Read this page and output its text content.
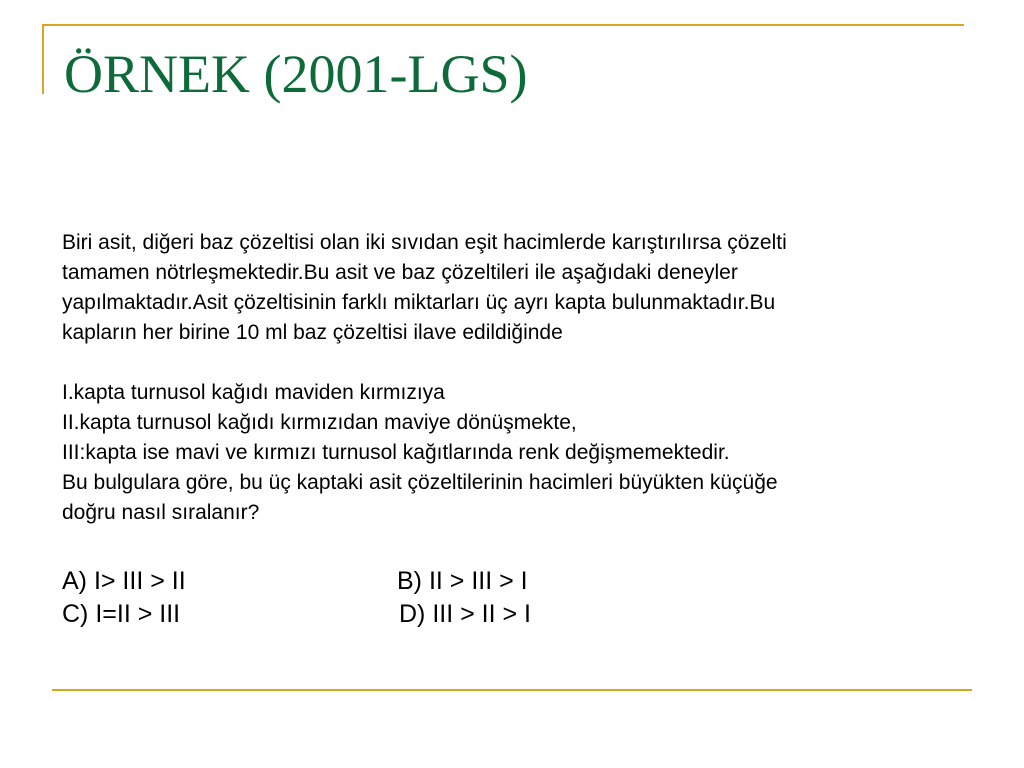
ÖRNEK (2001-LGS)

Biri asit, diğeri baz çözeltisi olan iki sıvıdan eşit hacimlerde karıştırılırsa çözelti

tamamen nötrleşmektedir.Bu asit ve baz çözeltileri ile aşağıdaki deneyler

yapılmaktadır.Asit çözeltisinin farklı miktarları üç ayrı kapta bulunmaktadır.Bu

kapların her birine 10 ml baz çözeltisi ilave edildiğinde

I.kapta turnusol kağıdı maviden kırmızıya

II.kapta turnusol kağıdı kırmızıdan maviye dönüşmekte,

III:kapta ise mavi ve kırmızı turnusol kağıtlarında renk değişmemektedir.

Bu bulgulara göre, bu üç kaptaki asit çözeltilerinin hacimleri büyükten küçüğe

doğru nasıl sıralanır?

A) I> III > II	B) II > III > I
C) I=II > III	D) III > II > I
